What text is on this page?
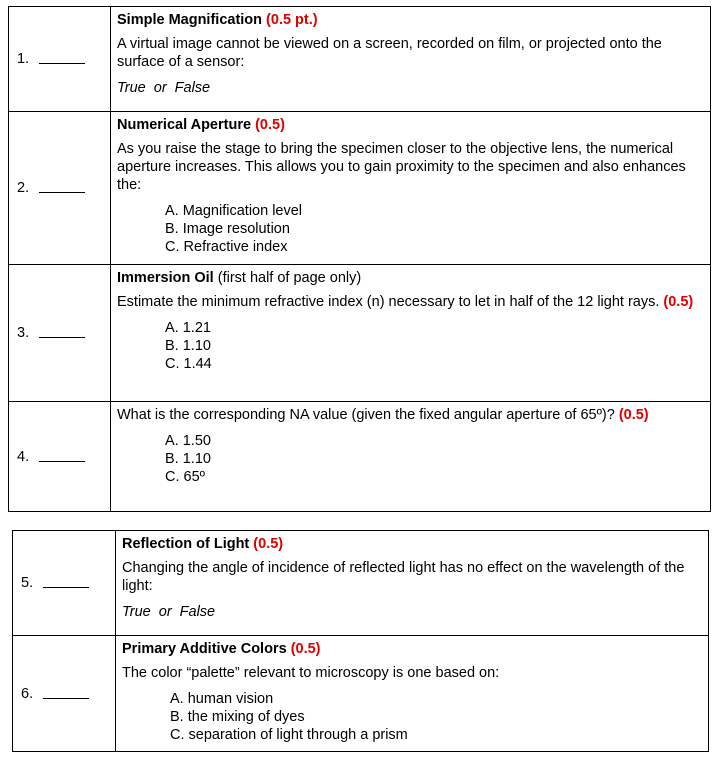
1.	Simple Magnification (0.5 pt.)
A virtual image cannot be viewed on a screen, recorded on film, or projected onto the surface of a sensor:
True or False

2.	Numerical Aperture (0.5)
As you raise the stage to bring the specimen closer to the objective lens, the numerical aperture increases. This allows you to gain proximity to the specimen and also enhances the:
A. Magnification level
B. Image resolution
C. Refractive index

3.	Immersion Oil (first half of page only)
Estimate the minimum refractive index (n) necessary to let in half of the 12 light rays. (0.5)
A. 1.21
B. 1.10
C. 1.44

4.	What is the corresponding NA value (given the fixed angular aperture of 65º)? (0.5)
A. 1.50
B. 1.10
C. 65º
5.	Reflection of Light (0.5)
Changing the angle of incidence of reflected light has no effect on the wavelength of the light:
True or False

6.	Primary Additive Colors (0.5)
The color “palette” relevant to microscopy is one based on:
A. human vision
B. the mixing of dyes
C. separation of light through a prism
